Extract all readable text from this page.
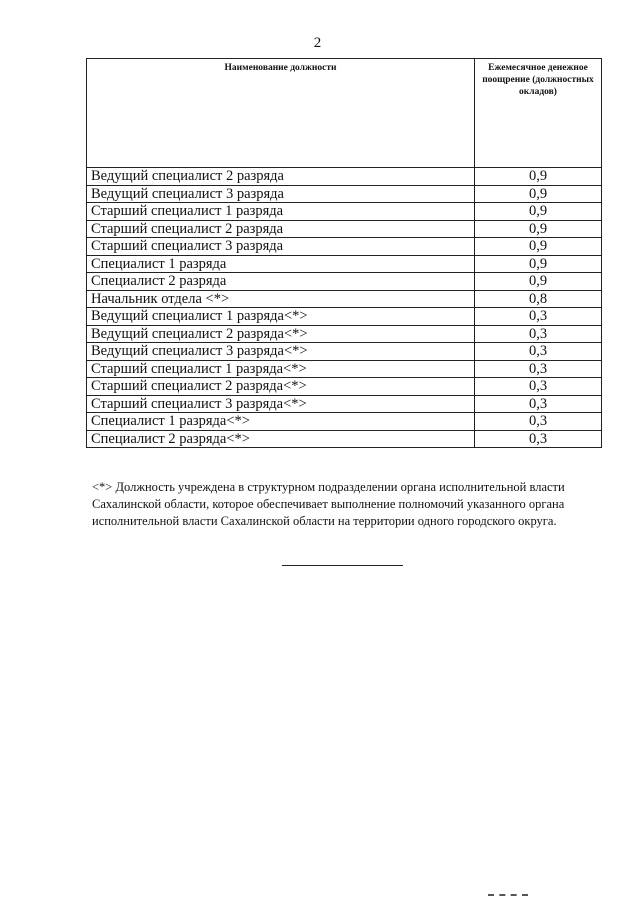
2
Наименование должности	Ежемесячное денежное поощрение (должностных окладов)
Ведущий специалист 2 разряда	0,9
Ведущий специалист 3 разряда	0,9
Старший специалист 1 разряда	0,9
Старший специалист 2 разряда	0,9
Старший специалист 3 разряда	0,9
Специалист 1 разряда	0,9
Специалист 2 разряда	0,9
Начальник отдела <*>	0,8
Ведущий специалист 1 разряда<*>	0,3
Ведущий специалист 2 разряда<*>	0,3
Ведущий специалист 3 разряда<*>	0,3
Старший специалист 1 разряда<*>	0,3
Старший специалист 2 разряда<*>	0,3
Старший специалист 3 разряда<*>	0,3
Специалист 1 разряда<*>	0,3
Специалист 2 разряда<*>	0,3
<*> Должность учреждена в структурном подразделении органа исполнительной власти Сахалинской области, которое обеспечивает выполнение полномочий указанного органа исполнительной власти Сахалинской области на территории одного городского округа.
